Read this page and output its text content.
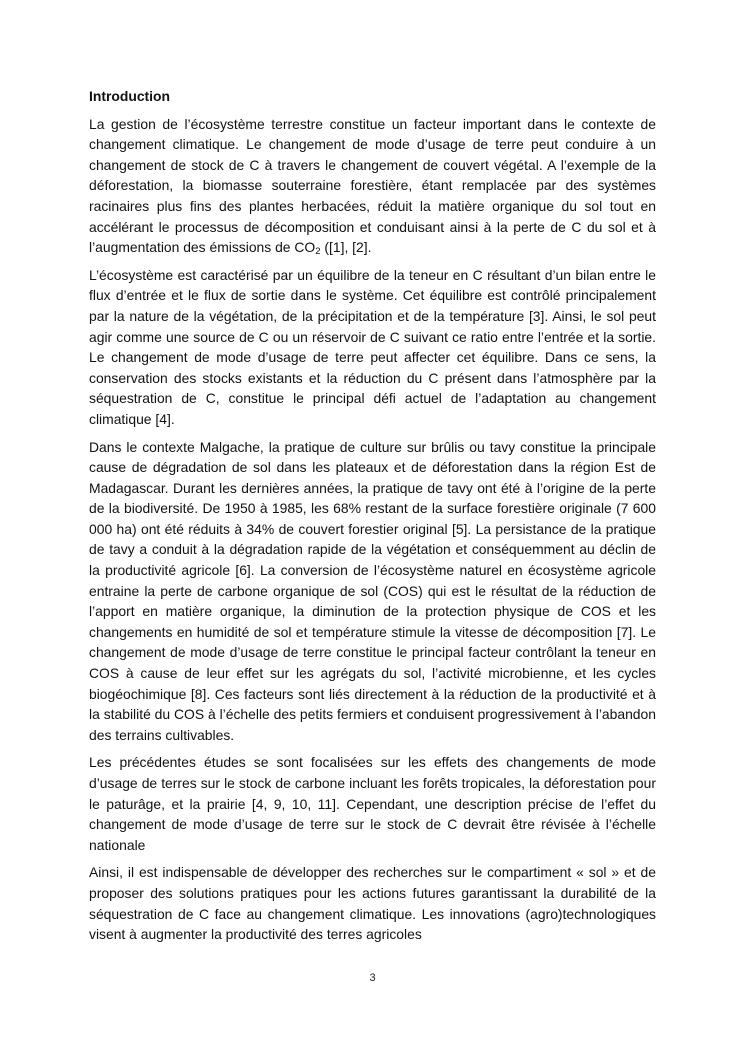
Introduction

La gestion de l’écosystème terrestre constitue un facteur important dans le contexte de changement climatique. Le changement de mode d’usage de terre peut conduire à un changement de stock de C à travers le changement de couvert végétal. A l’exemple de la déforestation, la biomasse souterraine forestière, étant remplacée par des systèmes racinaires plus fins des plantes herbacées, réduit la matière organique du sol tout en accélérant le processus de décomposition et conduisant ainsi à la perte de C du sol et à l’augmentation des émissions de $CO_2$ ([1], [2].

L’écosystème est caractérisé par un équilibre de la teneur en C résultant d’un bilan entre le flux d’entrée et le flux de sortie dans le système. Cet équilibre est contrôlé principalement par la nature de la végétation, de la précipitation et de la température [3]. Ainsi, le sol peut agir comme une source de C ou un réservoir de C suivant ce ratio entre l’entrée et la sortie. Le changement de mode d’usage de terre peut affecter cet équilibre. Dans ce sens, la conservation des stocks existants et la réduction du C présent dans l’atmosphère par la séquestration de C, constitue le principal défi actuel de l’adaptation au changement climatique [4].

Dans le contexte Malgache, la pratique de culture sur brûlis ou tavy constitue la principale cause de dégradation de sol dans les plateaux et de déforestation dans la région Est de Madagascar. Durant les dernières années, la pratique de tavy ont été à l’origine de la perte de la biodiversité. De 1950 à 1985, les 68% restant de la surface forestière originale (7 600 000 ha) ont été réduits à 34% de couvert forestier original [5]. La persistance de la pratique de tavy a conduit à la dégradation rapide de la végétation et conséquemment au déclin de la productivité agricole [6]. La conversion de l’écosystème naturel en écosystème agricole entraine la perte de carbone organique de sol (COS) qui est le résultat de la réduction de l’apport en matière organique, la diminution de la protection physique de COS et les changements en humidité de sol et température stimule la vitesse de décomposition [7]. Le changement de mode d’usage de terre constitue le principal facteur contrôlant la teneur en COS à cause de leur effet sur les agrégats du sol, l’activité microbienne, et les cycles biogéochimique [8]. Ces facteurs sont liés directement à la réduction de la productivité et à la stabilité du COS à l’échelle des petits fermiers et conduisent progressivement à l’abandon des terrains cultivables.

Les précédentes études se sont focalisées sur les effets des changements de mode d’usage de terres sur le stock de carbone incluant les forêts tropicales, la déforestation pour le paturâge, et la prairie [4, 9, 10, 11]. Cependant, une description précise de l’effet du changement de mode d’usage de terre sur le stock de C devrait être révisée à l’échelle nationale

Ainsi, il est indispensable de développer des recherches sur le compartiment « sol » et de proposer des solutions pratiques pour les actions futures garantissant la durabilité de la séquestration de C face au changement climatique. Les innovations (agro)technologiques visent à augmenter la productivité des terres agricoles

3
